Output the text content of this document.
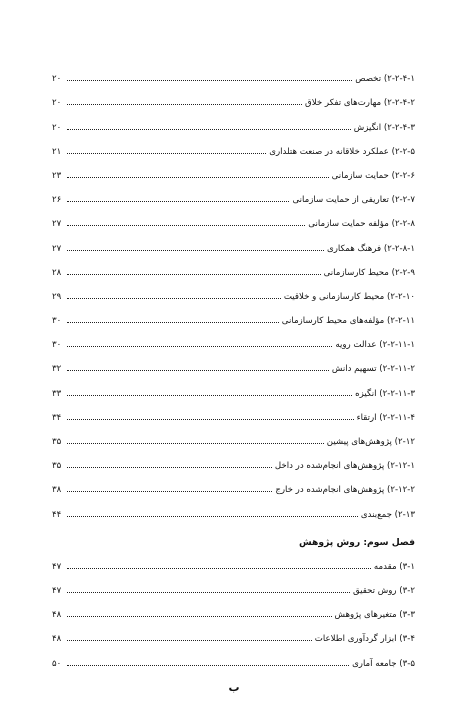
۲-۲-۴-۱) تخصص
۲۰
۲-۲-۴-۲) مهارت‌های تفکر خلاق
۲۰
۲-۲-۴-۳) انگیزش
۲۰
۲-۲-۵) عملکرد خلاقانه در صنعت هتلداری
۲۱
۲-۲-۶) حمایت سازمانی
۲۳
۲-۲-۷) تعاریفی از حمایت سازمانی
۲۶
۲-۲-۸) مؤلفه حمایت سازمانی
۲۷
۲-۲-۸-۱) فرهنگ همکاری
۲۷
۲-۲-۹) محیط کارسازمانی
۲۸
۲-۲-۱۰) محیط کارسازمانی و خلاقیت
۲۹
۲-۲-۱۱) مؤلفه‌های محیط کارسازمانی
۳۰
۲-۲-۱۱-۱) عدالت رویه
۳۰
۲-۲-۱۱-۲) تسهیم دانش
۳۲
۲-۲-۱۱-۳) انگیزه
۳۳
۲-۲-۱۱-۴) ارتقاء
۳۴
۲-۱۲) پژوهش‌های پیشین
۳۵
۲-۱۲-۱) پژوهش‌های انجام‌شده در داخل
۳۵
۲-۱۲-۲) پژوهش‌های انجام‌شده در خارج
۳۸
۲-۱۳) جمع‌بندی
۴۴
فصل سوم: روش پژوهش
۳-۱) مقدمه
۴۷
۳-۲) روش تحقیق
۴۷
۳-۳) متغیرهای پژوهش
۴۸
۳-۴) ابزار گردآوری اطلاعات
۴۸
۳-۵) جامعه آماری
۵۰
ب
